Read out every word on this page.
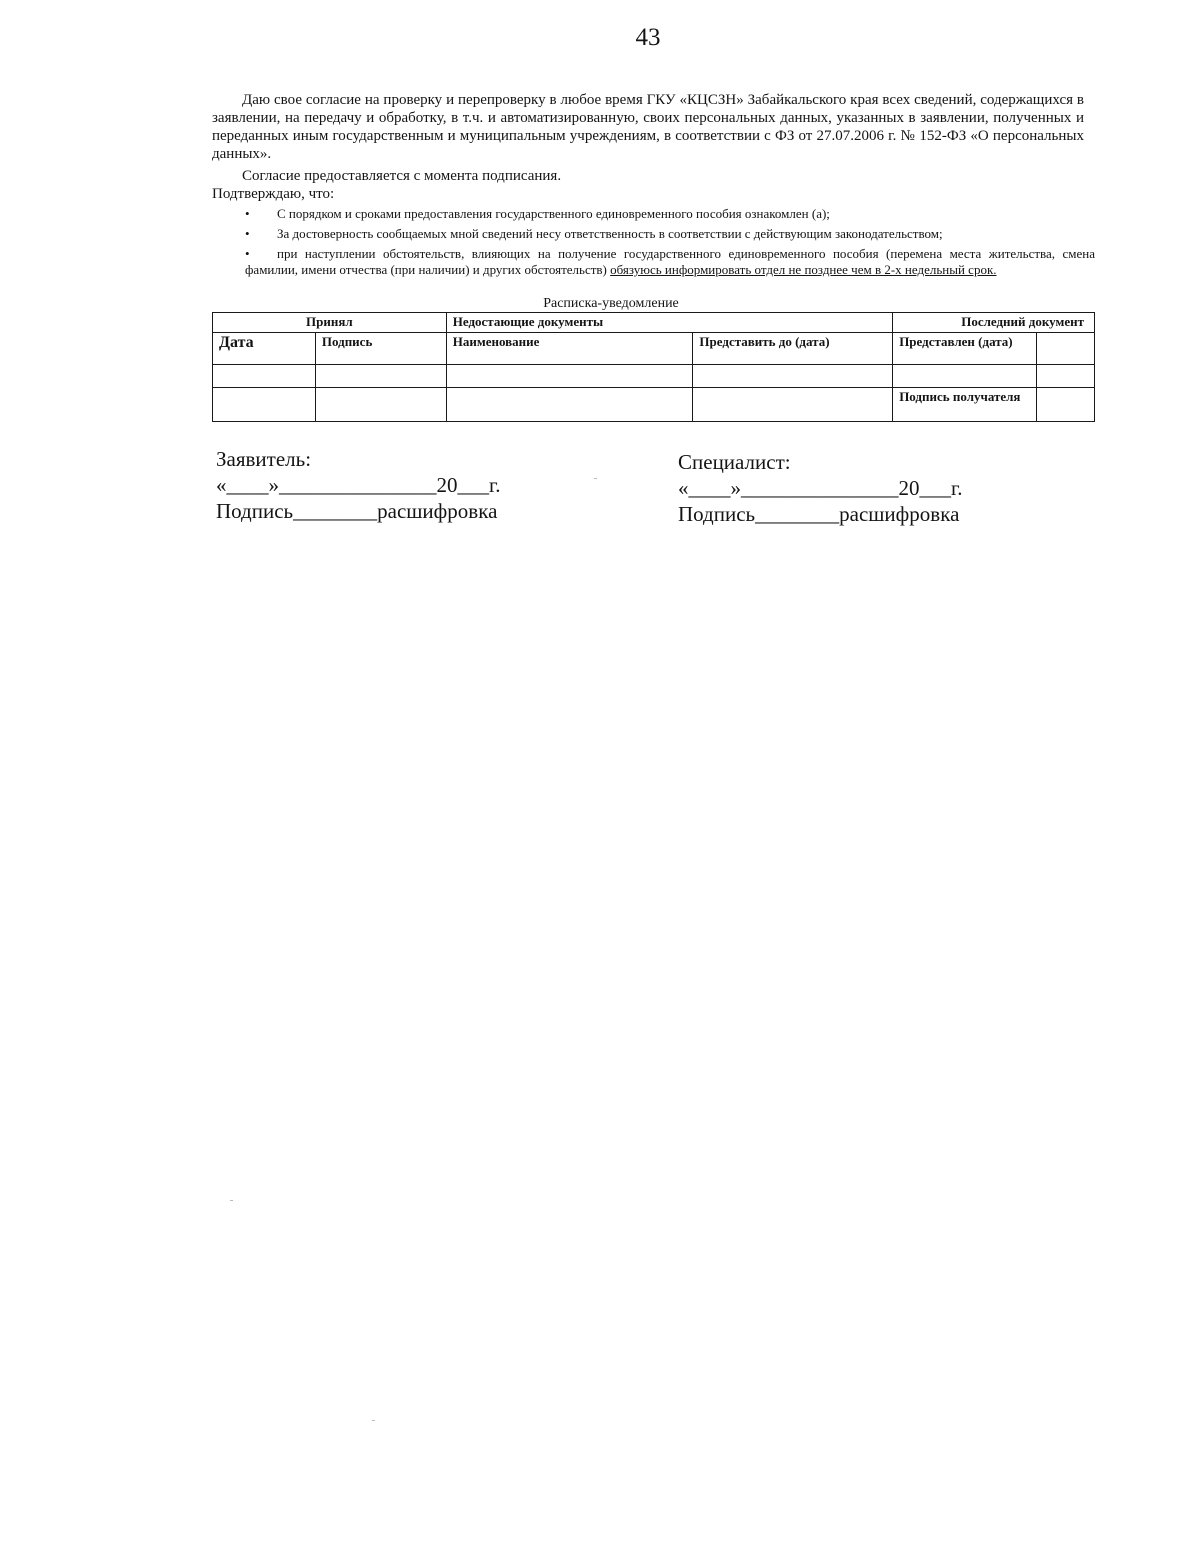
43

Даю свое согласие на проверку и перепроверку в любое время ГКУ «КЦСЗН» Забайкальского края всех сведений, содержащихся в заявлении, на передачу и обработку, в т.ч. и автоматизированную, своих персональных данных, указанных в заявлении, полученных и переданных иным государственным и муниципальным учреждениям, в соответствии с ФЗ от 27.07.2006 г. № 152-ФЗ «О персональных данных».

Согласие предоставляется с момента подписания.

Подтверждаю, что:

• С порядком и сроками предоставления государственного единовременного пособия ознакомлен (а);
• За достоверность сообщаемых мной сведений несу ответственность в соответствии с действующим законодательством;
• при наступлении обстоятельств, влияющих на получение государственного единовременного пособия (перемена места жительства, смена фамилии, имени отчества (при наличии) и других обстоятельств) обязуюсь информировать отдел не позднее чем в 2-х недельный срок.
Расписка-уведомление
Принял		Недостающие документы		Последний документ	
Дата	Подпись	Наименование	Представить до (дата)	Представлен (дата)	

				Подпись получателя	

Заявитель:

«____»_______________20___г.

Подпись________расшифровка

Специалист:

«____»_______________20___г.

Подпись________расшифровка
